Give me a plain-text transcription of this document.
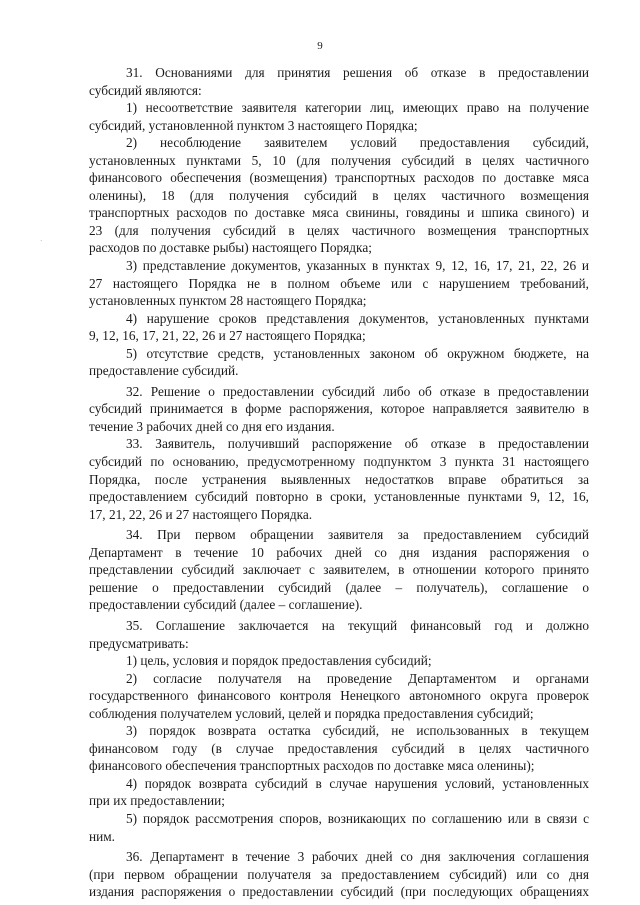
9
·
31. Основаниями для принятия решения об отказе в предоставлении
субсидий являются:
1) несоответствие заявителя категории лиц, имеющих право на получение
субсидий, установленной пунктом 3 настоящего Порядка;
2) несоблюдение заявителем условий предоставления субсидий,
установленных пунктами 5, 10 (для получения субсидий в целях частичного
финансового обеспечения (возмещения) транспортных расходов по доставке мяса
оленины), 18 (для получения субсидий в целях частичного возмещения
транспортных расходов по доставке мяса свинины, говядины и шпика свиного) и
23 (для получения субсидий в целях частичного возмещения транспортных
расходов по доставке рыбы) настоящего Порядка;
3) представление документов, указанных в пунктах 9, 12, 16, 17, 21, 22, 26 и
27 настоящего Порядка не в полном объеме или с нарушением требований,
установленных пунктом 28 настоящего Порядка;
4) нарушение сроков представления документов, установленных пунктами
9, 12, 16, 17, 21, 22, 26 и 27 настоящего Порядка;
5) отсутствие средств, установленных законом об окружном бюджете, на
предоставление субсидий.
32. Решение о предоставлении субсидий либо об отказе в предоставлении
субсидий принимается в форме распоряжения, которое направляется заявителю в
течение 3 рабочих дней со дня его издания.
33. Заявитель, получивший распоряжение об отказе в предоставлении
субсидий по основанию, предусмотренному подпунктом 3 пункта 31 настоящего
Порядка, после устранения выявленных недостатков вправе обратиться за
предоставлением субсидий повторно в сроки, установленные пунктами 9, 12, 16,
17, 21, 22, 26 и 27 настоящего Порядка.
34. При первом обращении заявителя за предоставлением субсидий
Департамент в течение 10 рабочих дней со дня издания распоряжения о
представлении субсидий заключает с заявителем, в отношении которого принято
решение о предоставлении субсидий (далее – получатель), соглашение о
предоставлении субсидий (далее – соглашение).
35. Соглашение заключается на текущий финансовый год и должно
предусматривать:
1) цель, условия и порядок предоставления субсидий;
2) согласие получателя на проведение Департаментом и органами
государственного финансового контроля Ненецкого автономного округа проверок
соблюдения получателем условий, целей и порядка предоставления субсидий;
3) порядок возврата остатка субсидий, не использованных в текущем
финансовом году (в случае предоставления субсидий в целях частичного
финансового обеспечения транспортных расходов по доставке мяса оленины);
4) порядок возврата субсидий в случае нарушения условий, установленных
при их предоставлении;
5) порядок рассмотрения споров, возникающих по соглашению или в связи с
ним.
36. Департамент в течение 3 рабочих дней со дня заключения соглашения
(при первом обращении получателя за предоставлением субсидий) или со дня
издания распоряжения о предоставлении субсидий (при последующих обращениях
